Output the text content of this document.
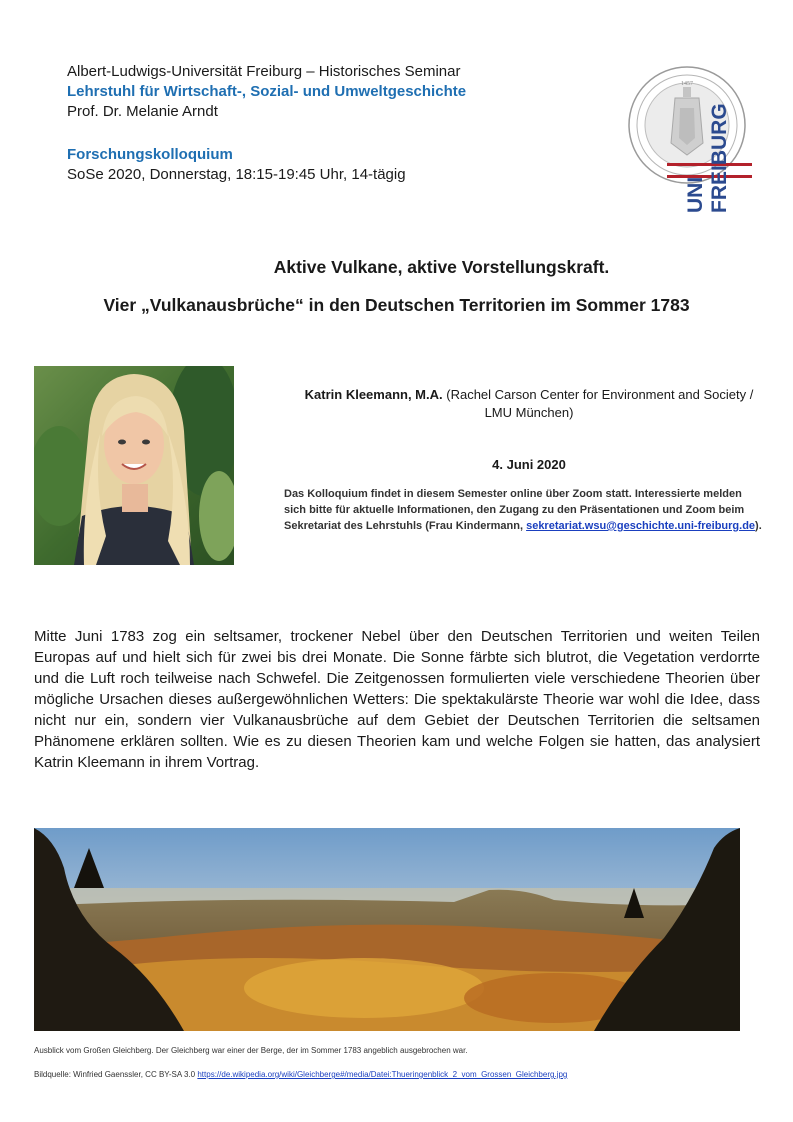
Albert-Ludwigs-Universität Freiburg – Historisches Seminar
Lehrstuhl für Wirtschaft-, Sozial- und Umweltgeschichte
Prof. Dr. Melanie Arndt
Forschungskolloquium
SoSe 2020, Donnerstag, 18:15-19:45 Uhr, 14-tägig
1457
UNI FREIBURG
Aktive Vulkane, aktive Vorstellungskraft.
Vier „Vulkanausbrüche“ in den Deutschen Territorien im Sommer 1783
Katrin Kleemann, M.A. (Rachel Carson Center for Environment and Society /
LMU München)
4. Juni 2020
Das Kolloquium findet in diesem Semester online über Zoom statt. Interessierte melden sich bitte für aktuelle Informationen, den Zugang zu den Präsentationen und Zoom beim Sekretariat des Lehrstuhls (Frau Kindermann, sekretariat.wsu@geschichte.uni-freiburg.de).
Mitte Juni 1783 zog ein seltsamer, trockener Nebel über den Deutschen Territorien und weiten Teilen Europas auf und hielt sich für zwei bis drei Monate. Die Sonne färbte sich blutrot, die Vegetation verdorrte und die Luft roch teilweise nach Schwefel. Die Zeitgenossen formulierten viele verschiedene Theorien über mögliche Ursachen dieses außergewöhnlichen Wetters: Die spektakulärste Theorie war wohl die Idee, dass nicht nur ein, sondern vier Vulkanausbrüche auf dem Gebiet der Deutschen Territorien die seltsamen Phänomene erklären sollten. Wie es zu diesen Theorien kam und welche Folgen sie hatten, das analysiert Katrin Kleemann in ihrem Vortrag.
Ausblick vom Großen Gleichberg. Der Gleichberg war einer der Berge, der im Sommer 1783 angeblich ausgebrochen war.
Bildquelle: Winfried Gaenssler, CC BY-SA 3.0 https://de.wikipedia.org/wiki/Gleichberge#/media/Datei:Thueringenblick_2_vom_Grossen_Gleichberg.jpg
